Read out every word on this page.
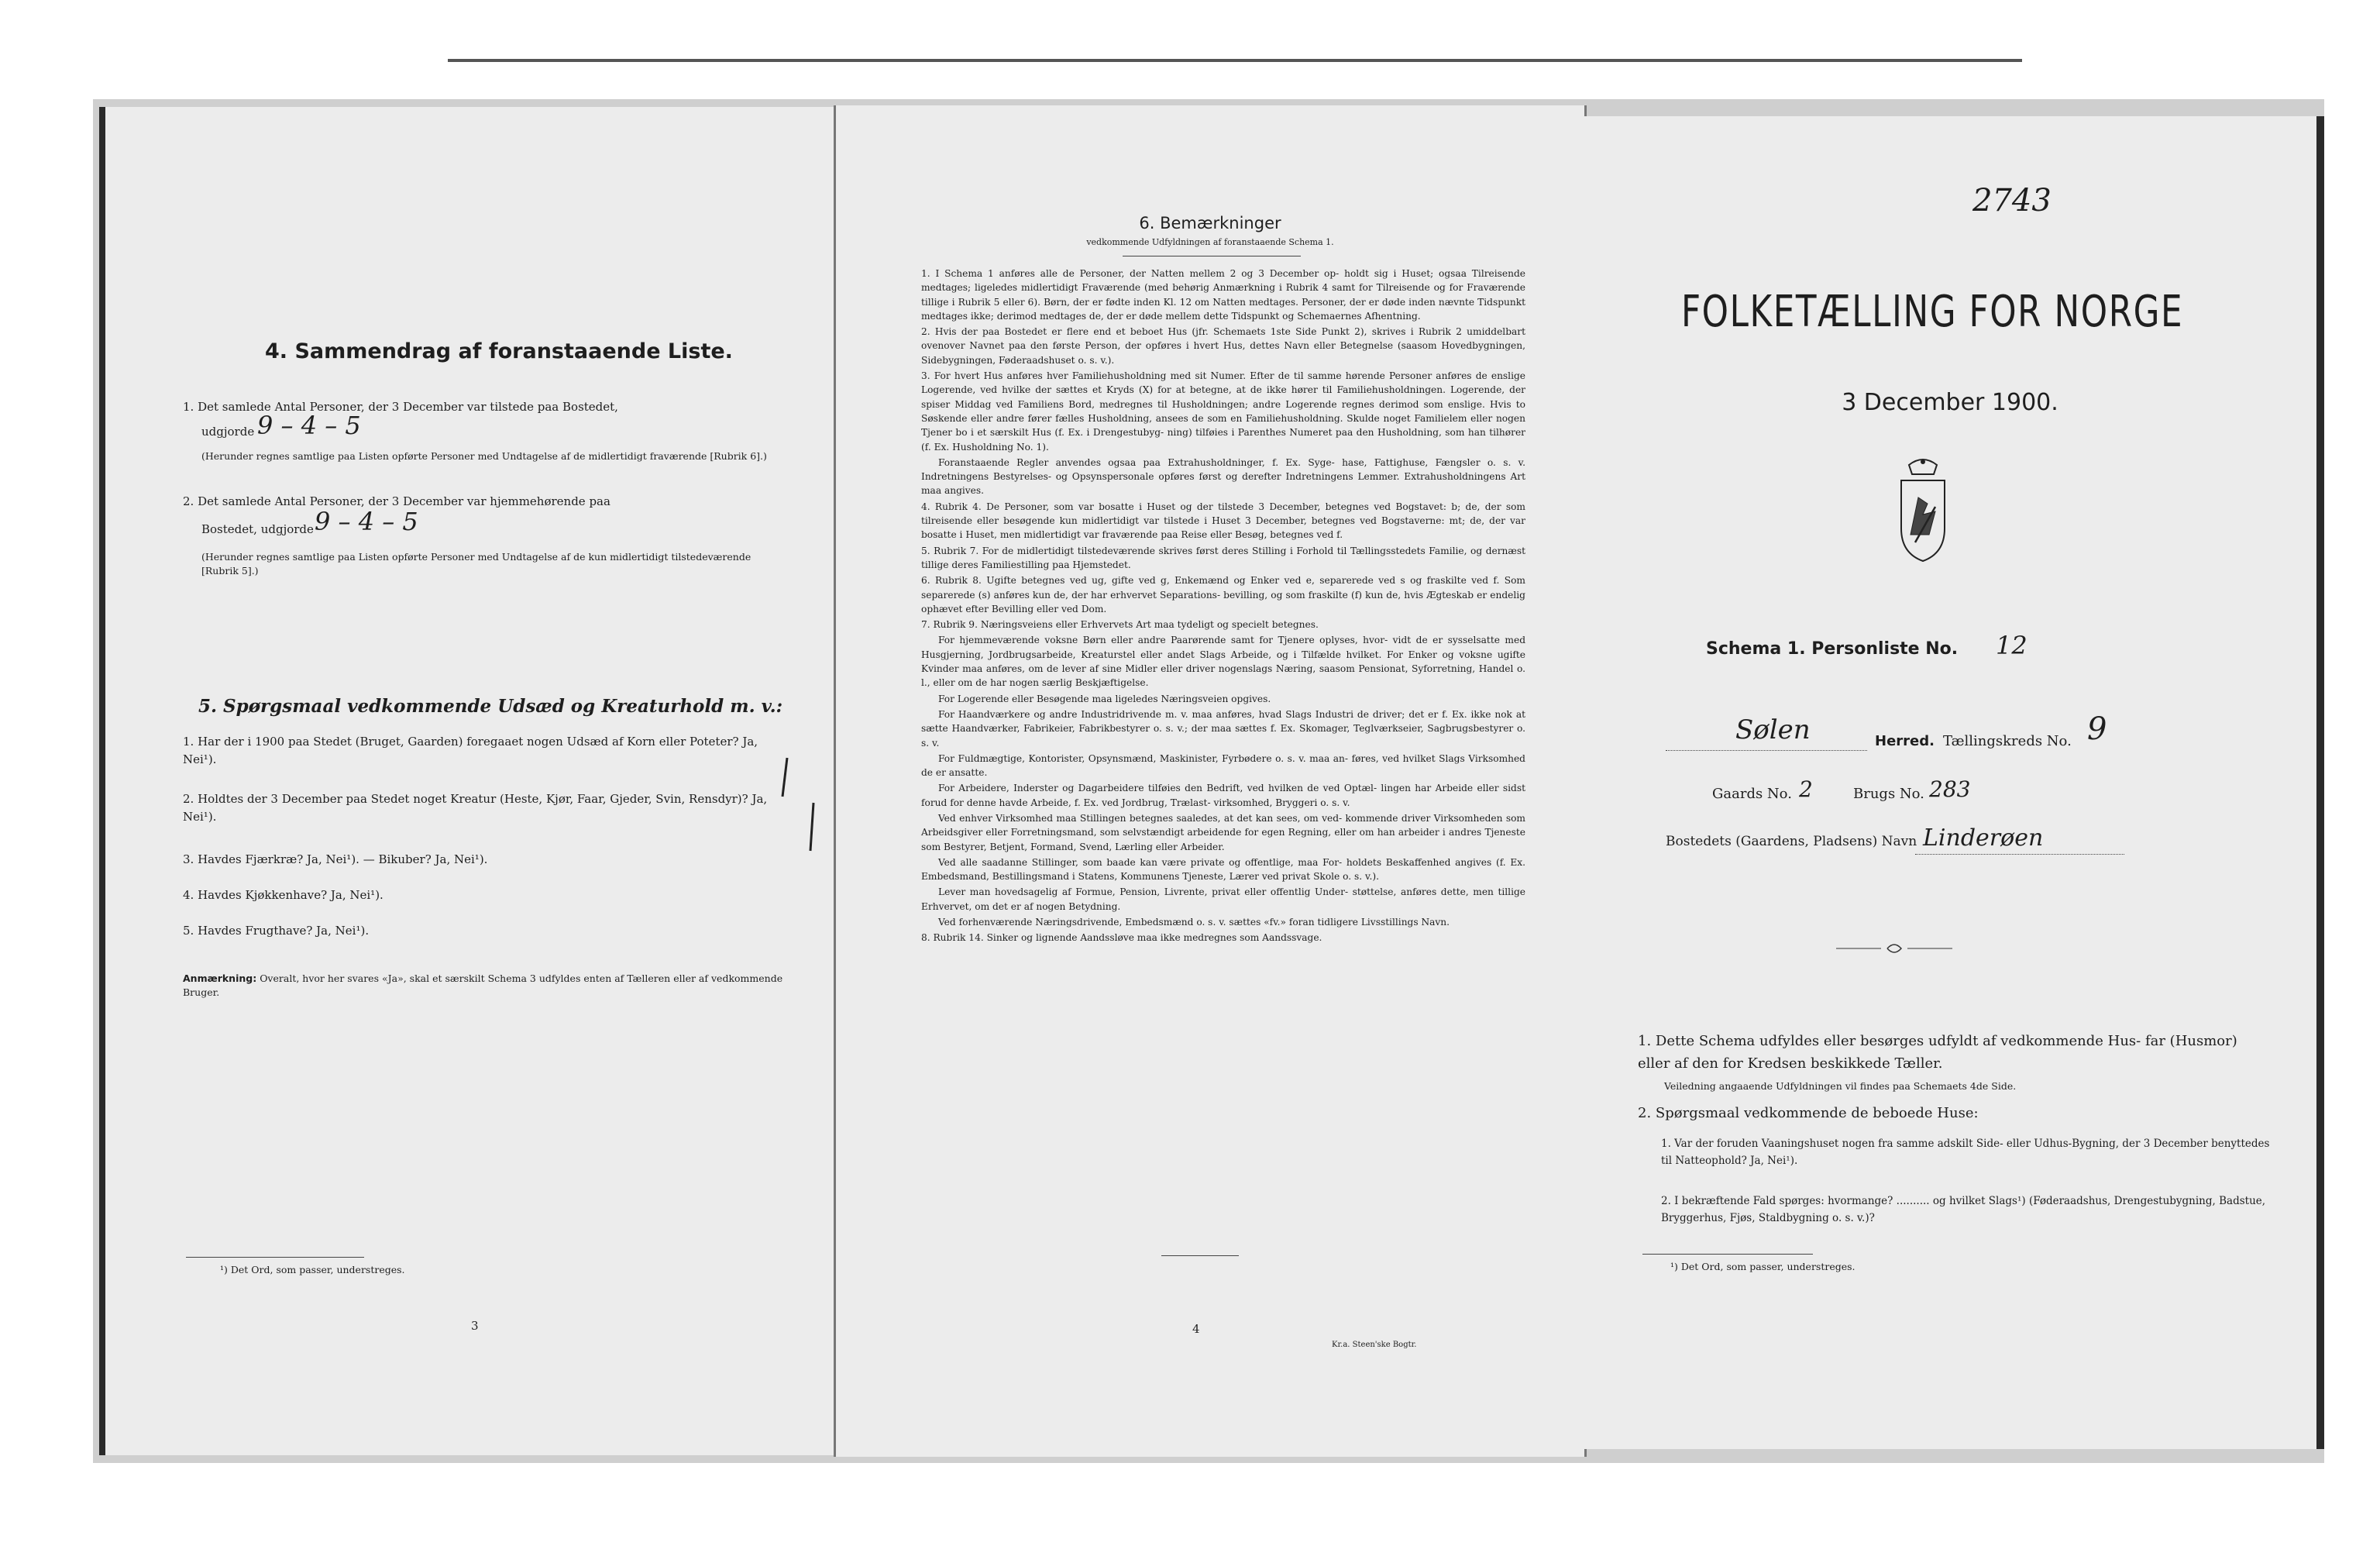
4. Sammendrag af foranstaaende Liste.
1. Det samlede Antal Personer, der 3 December var tilstede paa Bostedet,
udgjorde 9 – 4 – 5
(Herunder regnes samtlige paa Listen opførte Personer med Undtagelse af de midlertidigt fraværende [Rubrik 6].)
2. Det samlede Antal Personer, der 3 December var hjemmehørende paa
Bostedet, udgjorde 9 – 4 – 5
(Herunder regnes samtlige paa Listen opførte Personer med Undtagelse af de kun midlertidigt tilstedeværende [Rubrik 5].)
5. Spørgsmaal vedkommende Udsæd og Kreaturhold m. v.:
1. Har der i 1900 paa Stedet (Bruget, Gaarden) foregaaet nogen Udsæd af Korn eller Poteter? Ja, Nei¹).
2. Holdtes der 3 December paa Stedet noget Kreatur (Heste, Kjør, Faar, Gjeder, Svin, Rensdyr)? Ja, Nei¹).
3. Havdes Fjærkræ? Ja, Nei¹). — Bikuber? Ja, Nei¹).
4. Havdes Kjøkkenhave? Ja, Nei¹).
5. Havdes Frugthave? Ja, Nei¹).
Anmærkning: Overalt, hvor her svares «Ja», skal et særskilt Schema 3 udfyldes enten af Tælleren eller af vedkommende Bruger.
¹) Det Ord, som passer, understreges.
3
6. Bemærkninger
vedkommende Udfyldningen af foranstaaende Schema 1.
1. I Schema 1 anføres alle de Personer, der Natten mellem 2 og 3 December op- holdt sig i Huset; ogsaa Tilreisende medtages; ligeledes midlertidigt Fraværende (med behørig Anmærkning i Rubrik 4 samt for Tilreisende og for Fraværende tillige i Rubrik 5 eller 6). Børn, der er fødte inden Kl. 12 om Natten medtages. Personer, der er døde inden nævnte Tidspunkt medtages ikke; derimod medtages de, der er døde mellem dette Tidspunkt og Schemaernes Afhentning.
2. Hvis der paa Bostedet er flere end et beboet Hus (jfr. Schemaets 1ste Side Punkt 2), skrives i Rubrik 2 umiddelbart ovenover Navnet paa den første Person, der opføres i hvert Hus, dettes Navn eller Betegnelse (saasom Hovedbygningen, Sidebygningen, Føderaadshuset o. s. v.).
3. For hvert Hus anføres hver Familiehusholdning med sit Numer. Efter de til samme hørende Personer anføres de enslige Logerende, ved hvilke der sættes et Kryds (X) for at betegne, at de ikke hører til Familiehusholdningen. Logerende, der spiser Middag ved Familiens Bord, medregnes til Husholdningen; andre Logerende regnes derimod som enslige. Hvis to Søskende eller andre fører fælles Husholdning, ansees de som en Familiehusholdning. Skulde noget Familielem eller nogen Tjener bo i et særskilt Hus (f. Ex. i Drengestubyg- ning) tilføies i Parenthes Numeret paa den Husholdning, som han tilhører (f. Ex. Husholdning No. 1).
Foranstaaende Regler anvendes ogsaa paa Extrahusholdninger, f. Ex. Syge- hase, Fattighuse, Fængsler o. s. v. Indretningens Bestyrelses- og Opsynspersonale opføres først og derefter Indretningens Lemmer. Extrahusholdningens Art maa angives.
4. Rubrik 4. De Personer, som var bosatte i Huset og der tilstede 3 December, betegnes ved Bogstavet: b; de, der som tilreisende eller besøgende kun midlertidigt var tilstede i Huset 3 December, betegnes ved Bogstaverne: mt; de, der var bosatte i Huset, men midlertidigt var fraværende paa Reise eller Besøg, betegnes ved f.
5. Rubrik 7. For de midlertidigt tilstedeværende skrives først deres Stilling i Forhold til Tællingsstedets Familie, og dernæst tillige deres Familiestilling paa Hjemstedet.
6. Rubrik 8. Ugifte betegnes ved ug, gifte ved g, Enkemænd og Enker ved e, separerede ved s og fraskilte ved f. Som separerede (s) anføres kun de, der har erhvervet Separations- bevilling, og som fraskilte (f) kun de, hvis Ægteskab er endelig ophævet efter Bevilling eller ved Dom.
7. Rubrik 9. Næringsveiens eller Erhvervets Art maa tydeligt og specielt betegnes.
For hjemmeværende voksne Børn eller andre Paarørende samt for Tjenere oplyses, hvor- vidt de er sysselsatte med Husgjerning, Jordbrugsarbeide, Kreaturstel eller andet Slags Arbeide, og i Tilfælde hvilket. For Enker og voksne ugifte Kvinder maa anføres, om de lever af sine Midler eller driver nogenslags Næring, saasom Pensionat, Syforretning, Handel o. l., eller om de har nogen særlig Beskjæftigelse.
For Logerende eller Besøgende maa ligeledes Næringsveien opgives.
For Haandværkere og andre Industridrivende m. v. maa anføres, hvad Slags Industri de driver; det er f. Ex. ikke nok at sætte Haandværker, Fabrikeier, Fabrikbestyrer o. s. v.; der maa sættes f. Ex. Skomager, Teglværkseier, Sagbrugsbestyrer o. s. v.
For Fuldmægtige, Kontorister, Opsynsmænd, Maskinister, Fyrbødere o. s. v. maa an- føres, ved hvilket Slags Virksomhed de er ansatte.
For Arbeidere, Inderster og Dagarbeidere tilføies den Bedrift, ved hvilken de ved Optæl- lingen har Arbeide eller sidst forud for denne havde Arbeide, f. Ex. ved Jordbrug, Trælast- virksomhed, Bryggeri o. s. v.
Ved enhver Virksomhed maa Stillingen betegnes saaledes, at det kan sees, om ved- kommende driver Virksomheden som Arbeidsgiver eller Forretningsmand, som selvstændigt arbeidende for egen Regning, eller om han arbeider i andres Tjeneste som Bestyrer, Betjent, Formand, Svend, Lærling eller Arbeider.
Ved alle saadanne Stillinger, som baade kan være private og offentlige, maa For- holdets Beskaffenhed angives (f. Ex. Embedsmand, Bestillingsmand i Statens, Kommunens Tjeneste, Lærer ved privat Skole o. s. v.).
Lever man hovedsagelig af Formue, Pension, Livrente, privat eller offentlig Under- støttelse, anføres dette, men tillige Erhvervet, om det er af nogen Betydning.
Ved forhenværende Næringsdrivende, Embedsmænd o. s. v. sættes «fv.» foran tidligere Livsstillings Navn.
8. Rubrik 14. Sinker og lignende Aandssløve maa ikke medregnes som Aandssvage.
4
Kr.a. Steen'ske Bogtr.
2743
FOLKETÆLLING FOR NORGE
3 December 1900.
Schema 1. Personliste No. 12
Sølen	Herred. Tællingskreds No. 9
Gaards No. 2	Brugs No. 283
Bostedets (Gaardens, Pladsens) Navn Linderøen
1. Dette Schema udfyldes eller besørges udfyldt af vedkommende Hus- far (Husmor) eller af den for Kredsen beskikkede Tæller.
Veiledning angaaende Udfyldningen vil findes paa Schemaets 4de Side.
2. Spørgsmaal vedkommende de beboede Huse:
1. Var der foruden Vaaningshuset nogen fra samme adskilt Side- eller Udhus-Bygning, der 3 December benyttedes til Natteophold? Ja, Nei¹).
2. I bekræftende Fald spørges: hvormange? .......... og hvilket Slags¹) (Føderaadshus, Drengestubygning, Badstue, Bryggerhus, Fjøs, Staldbygning o. s. v.)?
¹) Det Ord, som passer, understreges.
